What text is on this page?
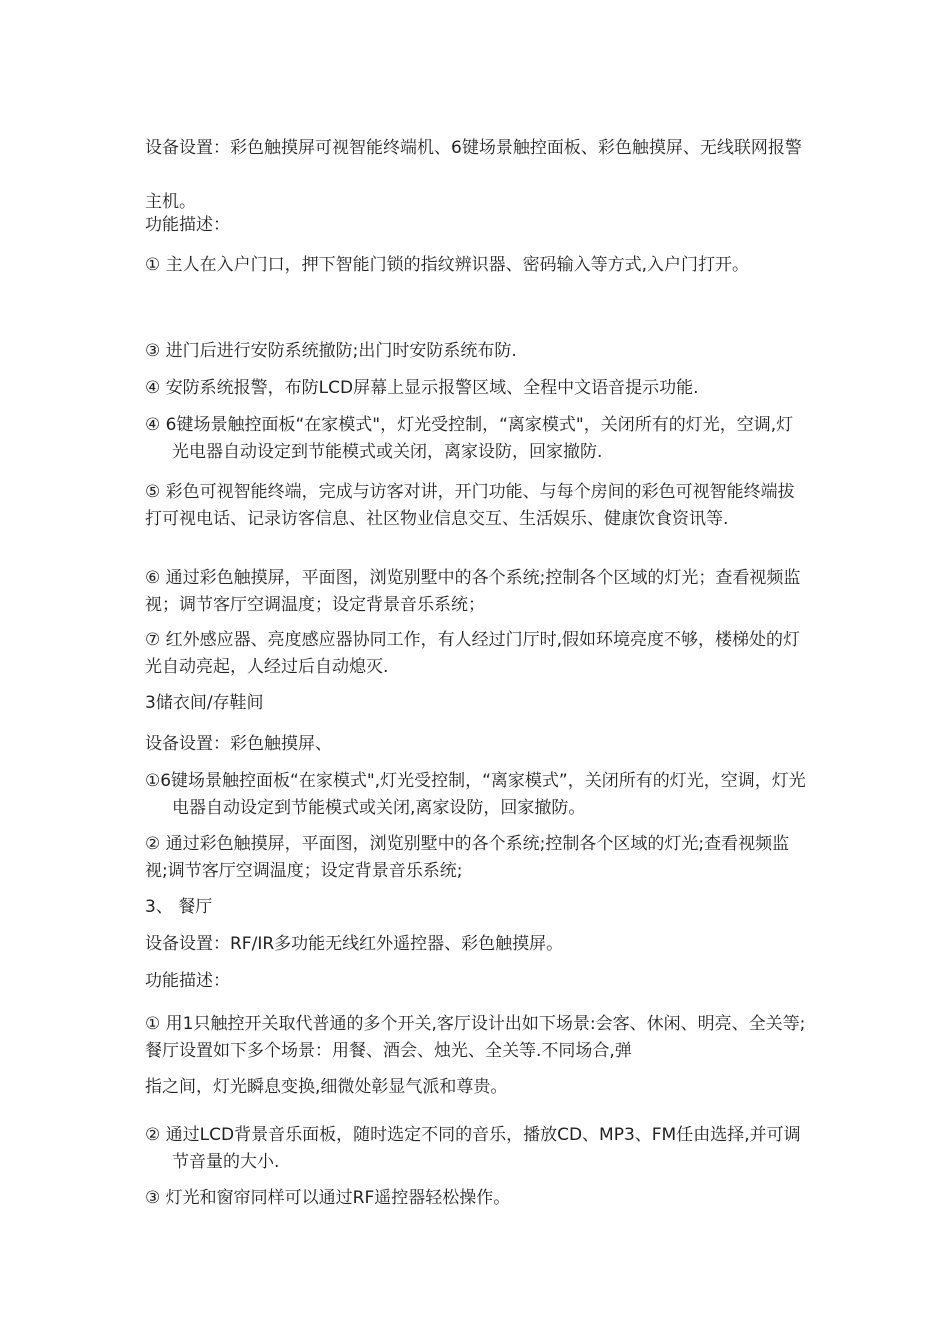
设备设置：彩色触摸屏可视智能终端机、6键场景触控面板、彩色触摸屏、无线联网报警主机。

功能描述：

① 主人在入户门口，押下智能门锁的指纹辨识器、密码输入等方式,入户门打开。

③ 进门后进行安防系统撤防;出门时安防系统布防.

④ 安防系统报警，布防LCD屏幕上显示报警区域、全程中文语音提示功能.

④ 6键场景触控面板“在家模式"，灯光受控制，“离家模式"，关闭所有的灯光，空调,灯光电器自动设定到节能模式或关闭，离家设防，回家撤防.

⑤ 彩色可视智能终端，完成与访客对讲，开门功能、与每个房间的彩色可视智能终端拔打可视电话、记录访客信息、社区物业信息交互、生活娱乐、健康饮食资讯等.

⑥ 通过彩色触摸屏，平面图，浏览别墅中的各个系统;控制各个区域的灯光；查看视频监视；调节客厅空调温度；设定背景音乐系统；

⑦ 红外感应器、亮度感应器协同工作，有人经过门厅时,假如环境亮度不够，楼梯处的灯光自动亮起，人经过后自动熄灭.

3储衣间/存鞋间

设备设置：彩色触摸屏、

①6键场景触控面板“在家模式",灯光受控制，“离家模式”，关闭所有的灯光，空调，灯光电器自动设定到节能模式或关闭,离家设防，回家撤防。

② 通过彩色触摸屏，平面图，浏览别墅中的各个系统;控制各个区域的灯光;查看视频监视;调节客厅空调温度；设定背景音乐系统;

3、 餐厅

设备设置：RF/IR多功能无线红外遥控器、彩色触摸屏。

功能描述：

① 用1只触控开关取代普通的多个开关,客厅设计出如下场景:会客、休闲、明亮、全关等;餐厅设置如下多个场景：用餐、酒会、烛光、全关等.不同场合,弹

指之间，灯光瞬息变换,细微处彰显气派和尊贵。

② 通过LCD背景音乐面板，随时选定不同的音乐，播放CD、MP3、FM任由选择,并可调节音量的大小.

③ 灯光和窗帘同样可以通过RF遥控器轻松操作。
